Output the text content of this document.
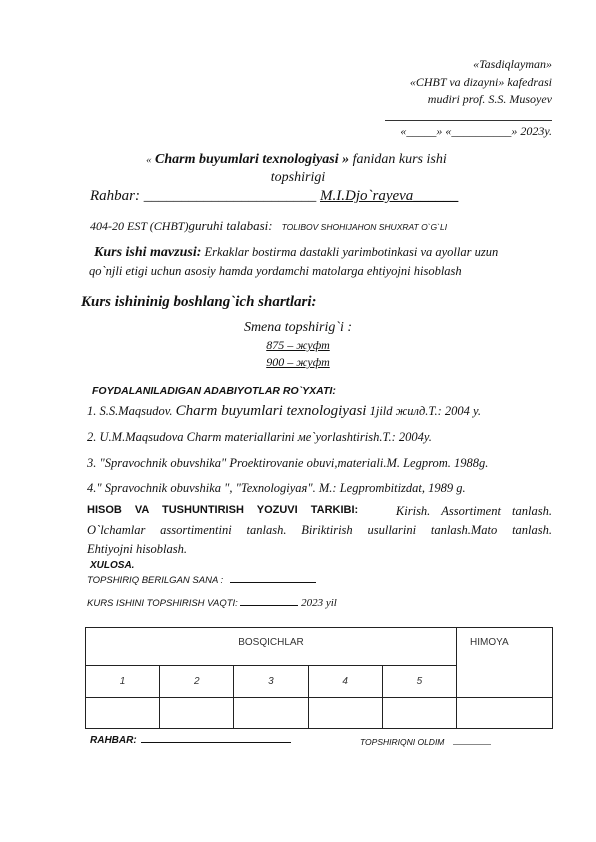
«Tasdiqlayman»
«CHBT va dizayni» kafedrasi
mudiri prof. S.S. Musoyev
«_____» «__________» 2023y.
« Charm buyumlari texnologiyasi » fanidan kurs ishi
topshirigi
Rahbar: _______________________ M.I.Djo`rayeva______
404-20 EST (CHBT)guruhi talabasi: TOLIBOV SHOHIJAHON SHUXRAT O`G`LI
Kurs ishi mavzusi: Erkaklar bostirma dastakli yarimbotinkasi va ayollar uzun
qo`njli etigi uchun asosiy hamda yordamchi matolarga ehtiyojni hisoblash
Kurs ishininig boshlang`ich shartlari:
Smena topshirig`i :
875 – жуфт
900 – жуфт
FOYDALANILADIGAN ADABIYOTLAR RO`YXATI:
1. S.S.Maqsudov. Charm buyumlari texnologiyasi 1jild жилд.T.: 2004 y.
2. U.M.Maqsudova Charm materiallarini ме`yorlashtirish.T.: 2004y.
3. "Spravochnik obuvshika" Proektirovanie obuvi,materiali.M. Legprom. 1988g.
4." Spravochnik obuvshika ", "Texnologiyaя". M.: Legprombitizdat, 1989 g.
HISOB VA TUSHUNTIRISH YOZUVI TARKIBI:	Kirish. Assortiment tanlash.
O`lchamlar assortimentini tanlash. Biriktirish usullarini tanlash.Mato tanlash.
Ehtiyojni hisoblash.
XULOSA.
TOPSHIRIQ BERILGAN SANA :
KURS ISHINI TOPSHIRISH VAQTI:	2023 yil
BOSQICHLAR					HIMOYA
1	2	3	4	5	

RAHBAR:	TOPSHIRIQNI OLDIM
